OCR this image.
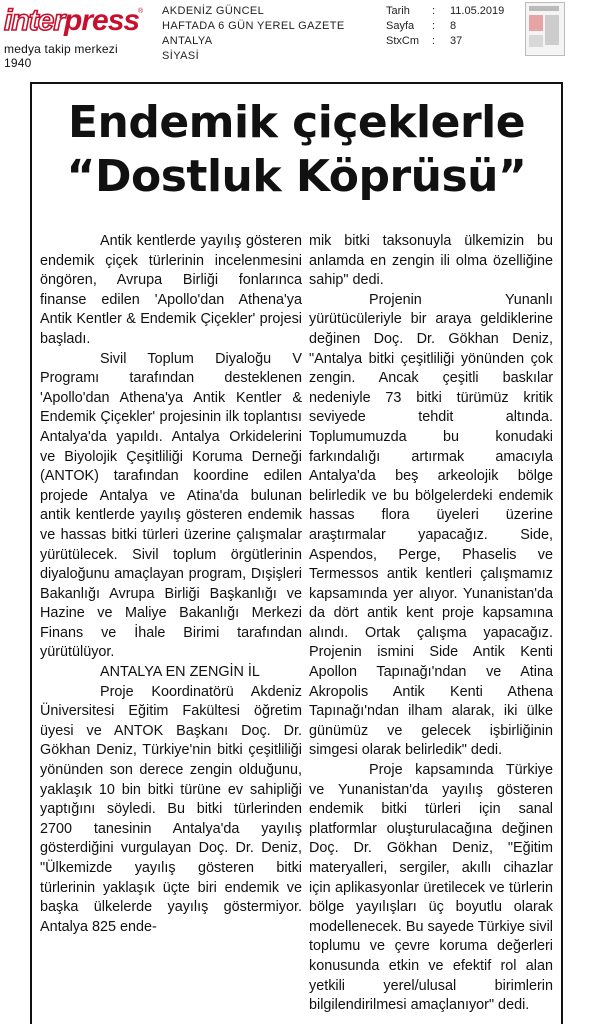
interpress
®
medya takip merkezi 1940
AKDENİZ GÜNCEL
HAFTADA 6 GÜN YEREL GAZETE
ANTALYA
SİYASİ
Tarih	:	11.05.2019
Sayfa	:	8
StxCm	:	37
Endemik çiçeklerle
“Dostluk Köprüsü”

Antik kentlerde yayılış gösteren endemik çiçek türlerinin incelenmesini öngören, Avrupa Birliği fonlarınca finanse edilen 'Apollo'dan Athena'ya Antik Kentler & Endemik Çiçekler' projesi başladı.

Sivil Toplum Diyaloğu V Programı tarafından desteklenen 'Apollo'dan Athena'ya Antik Kentler & Endemik Çiçekler' projesinin ilk toplantısı Antalya'da yapıldı. Antalya Orkidelerini ve Biyolojik Çeşitliliği Koruma Derneği (ANTOK) tarafından koordine edilen projede Antalya ve Atina'da bulunan antik kentlerde yayılış gösteren endemik ve hassas bitki türleri üzerine çalışmalar yürütülecek. Sivil toplum örgütlerinin diyaloğunu amaçlayan program, Dışişleri Bakanlığı Avrupa Birliği Başkanlığı ve Hazine ve Maliye Bakanlığı Merkezi Finans ve İhale Birimi tarafından yürütülüyor.

ANTALYA EN ZENGİN İL

Proje Koordinatörü Akdeniz Üniversitesi Eğitim Fakültesi öğretim üyesi ve ANTOK Başkanı Doç. Dr. Gökhan Deniz, Türkiye'nin bitki çeşitliliği yönünden son derece zengin olduğunu, yaklaşık 10 bin bitki türüne ev sahipliği yaptığını söyledi. Bu bitki türlerinden 2700 tanesinin Antalya'da yayılış gösterdiğini vurgulayan Doç. Dr. Deniz, "Ülkemizde yayılış gösteren bitki türlerinin yaklaşık üçte biri endemik ve başka ülkelerde yayılış göstermiyor. Antalya 825 ende-

mik bitki taksonuyla ülkemizin bu anlamda en zengin ili olma özelliğine sahip" dedi.

Projenin Yunanlı yürütücüleriyle bir araya geldiklerine değinen Doç. Dr. Gökhan Deniz, "Antalya bitki çeşitliliği yönünden çok zengin. Ancak çeşitli baskılar nedeniyle 73 bitki türümüz kritik seviyede tehdit altında. Toplumumuzda bu konudaki farkındalığı artırmak amacıyla Antalya'da beş arkeolojik bölge belirledik ve bu bölgelerdeki endemik hassas flora üyeleri üzerine araştırmalar yapacağız. Side, Aspendos, Perge, Phaselis ve Termessos antik kentleri çalışmamız kapsamında yer alıyor. Yunanistan'da da dört antik kent proje kapsamına alındı. Ortak çalışma yapacağız. Projenin ismini Side Antik Kenti Apollon Tapınağı'ndan ve Atina Akropolis Antik Kenti Athena Tapınağı'ndan ilham alarak, iki ülke günümüz ve gelecek işbirliğinin simgesi olarak belirledik" dedi.

Proje kapsamında Türkiye ve Yunanistan'da yayılış gösteren endemik bitki türleri için sanal platformlar oluşturulacağına değinen Doç. Dr. Gökhan Deniz, "Eğitim materyalleri, sergiler, akıllı cihazlar için aplikasyonlar üretilecek ve türlerin bölge yayılışları üç boyutlu olarak modellenecek. Bu sayede Türkiye sivil toplumu ve çevre koruma değerleri konusunda etkin ve efektif rol alan yetkili yerel/ulusal birimlerin bilgilendirilmesi amaçlanıyor" dedi.
